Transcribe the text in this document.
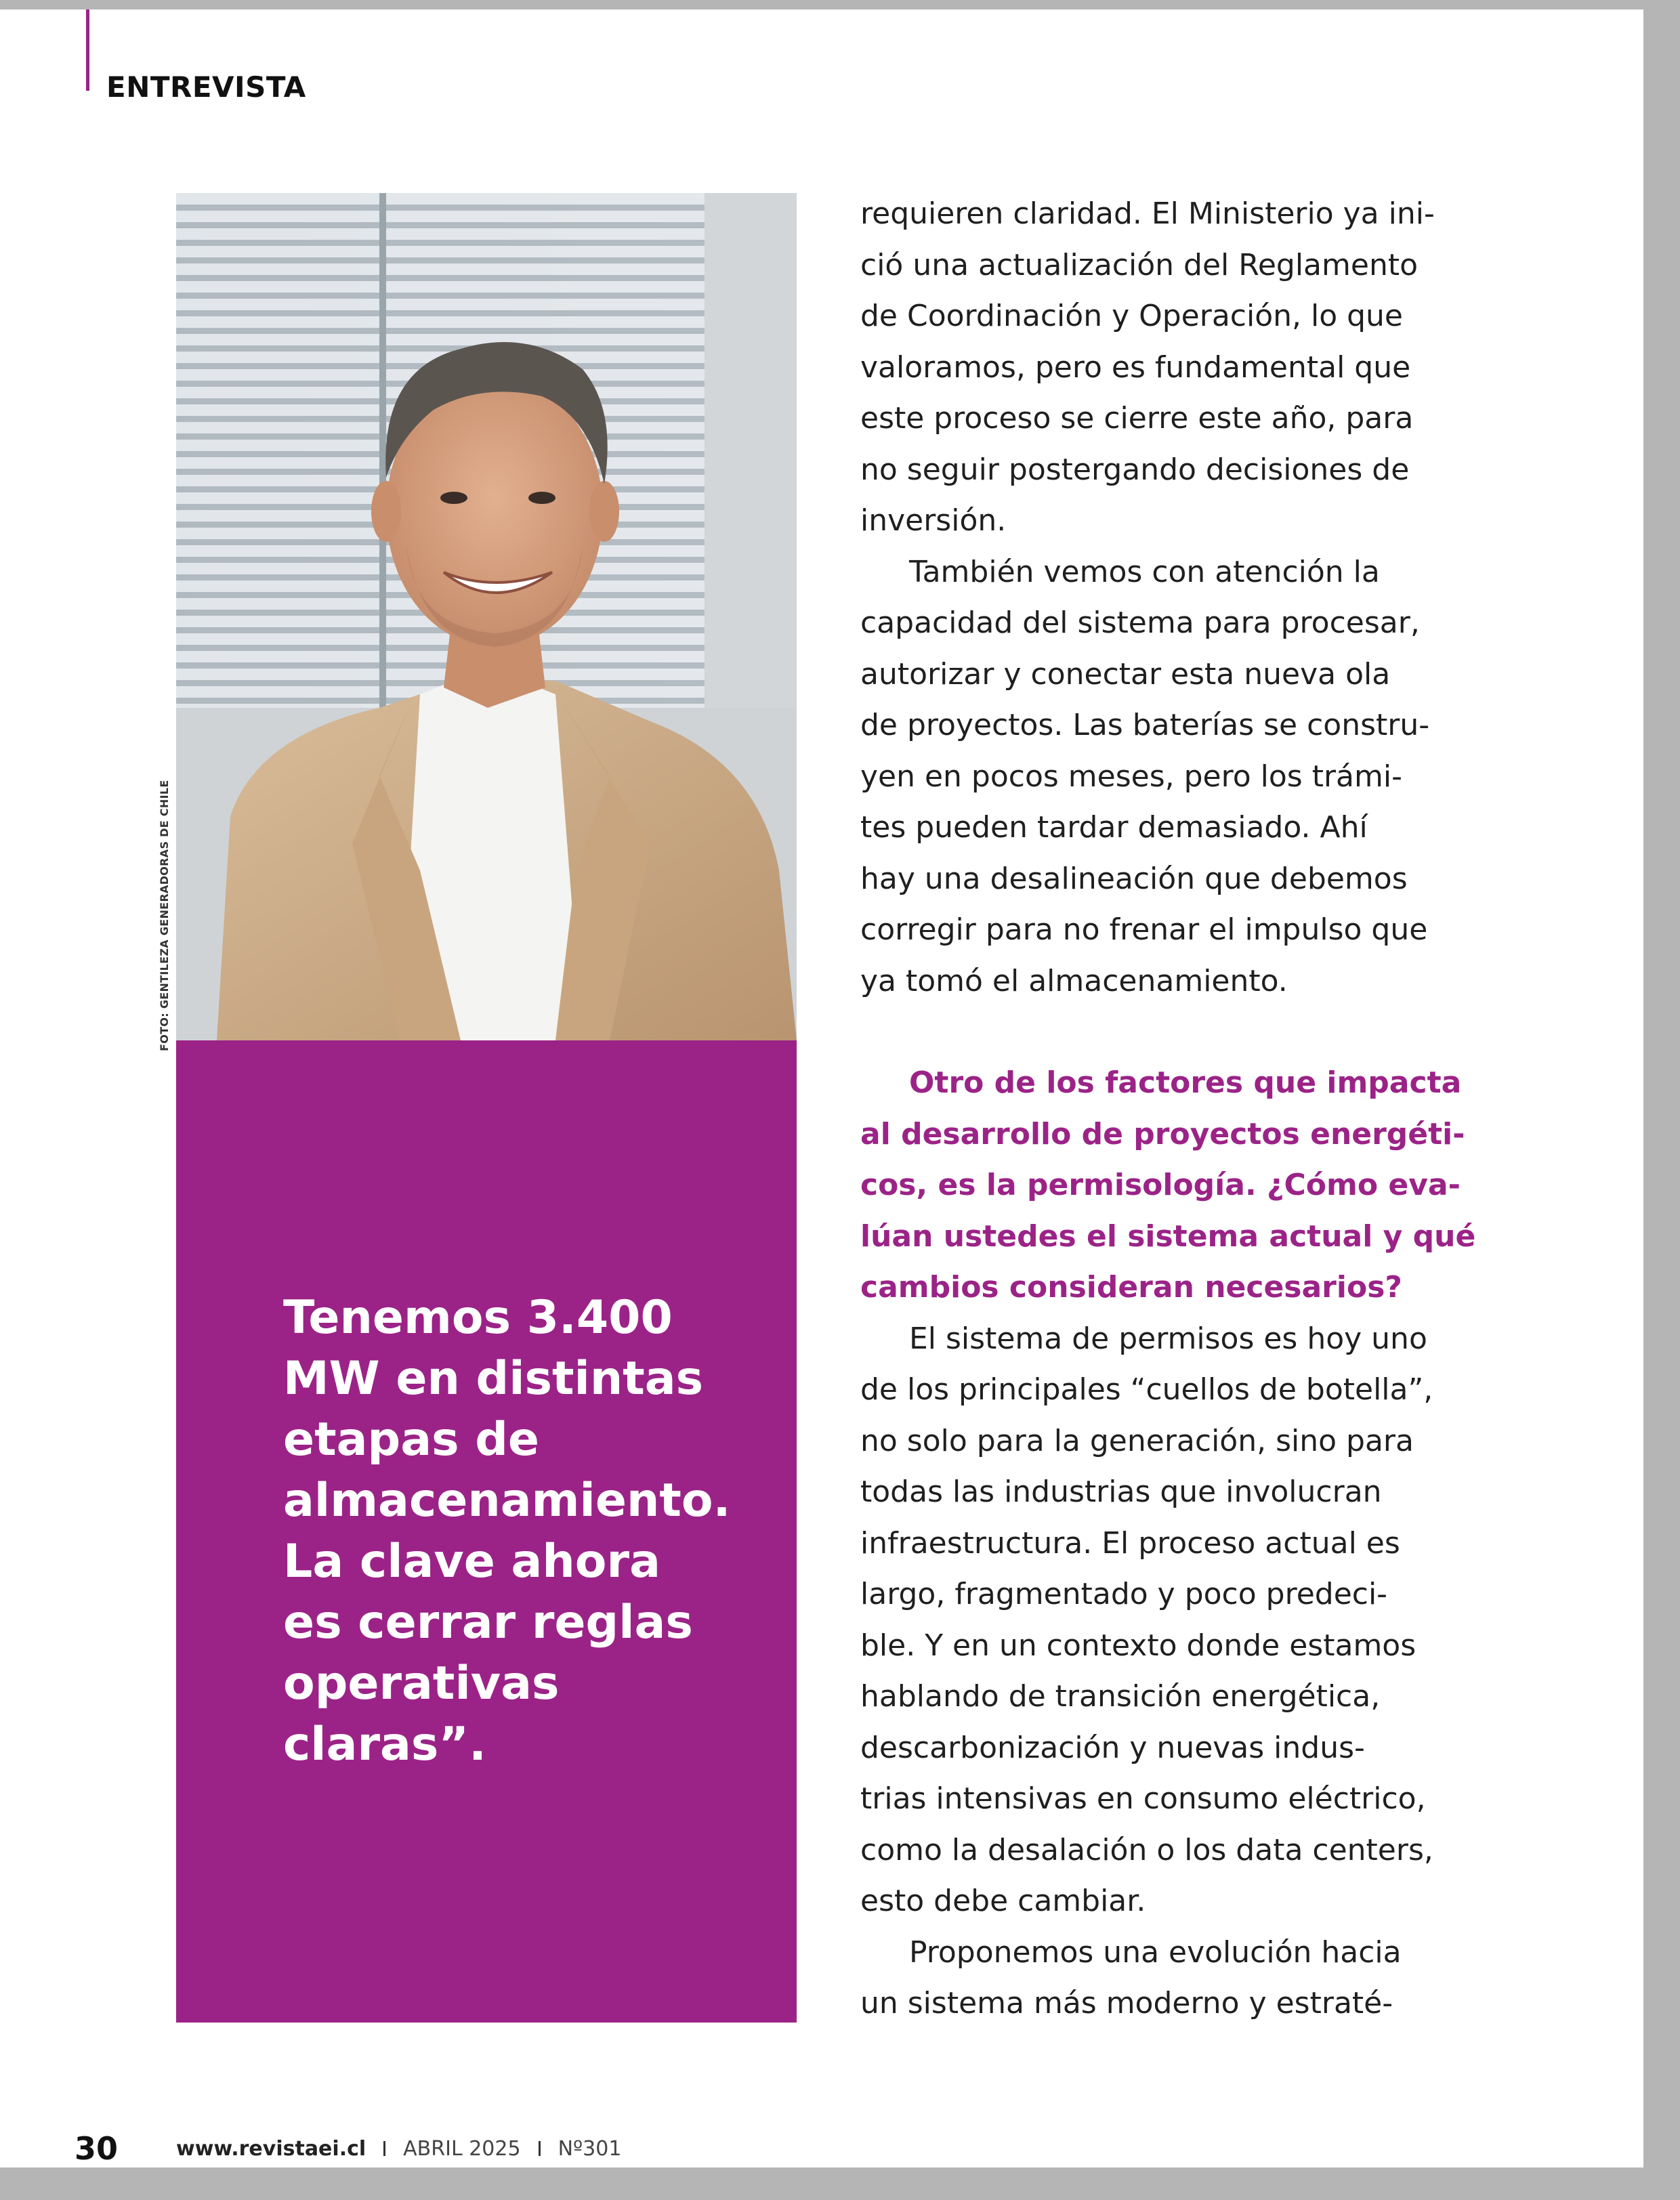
ENTREVISTA
FOTO: GENTILEZA GENERADORAS DE CHILE

Tenemos 3.400
MW en distintas
etapas de
almacenamiento.
La clave ahora
es cerrar reglas
operativas claras”.

requieren claridad. El Ministerio ya ini-
ció una actualización del Reglamento
de Coordinación y Operación, lo que
valoramos, pero es fundamental que
este proceso se cierre este año, para
no seguir postergando decisiones de
inversión.

También vemos con atención la
capacidad del sistema para procesar,
autorizar y conectar esta nueva ola
de proyectos. Las baterías se constru-
yen en pocos meses, pero los trámi-
tes pueden tardar demasiado. Ahí
hay una desalineación que debemos
corregir para no frenar el impulso que
ya tomó el almacenamiento.

Otro de los factores que impacta
al desarrollo de proyectos energéti-
cos, es la permisología. ¿Cómo eva-
lúan ustedes el sistema actual y qué
cambios consideran necesarios?

El sistema de permisos es hoy uno
de los principales “cuellos de botella”,
no solo para la generación, sino para
todas las industrias que involucran
infraestructura. El proceso actual es
largo, fragmentado y poco predeci-
ble. Y en un contexto donde estamos
hablando de transición energética,
descarbonización y nuevas indus-
trias intensivas en consumo eléctrico,
como la desalación o los data centers,
esto debe cambiar.

Proponemos una evolución hacia
un sistema más moderno y estraté-

30	www.revistaei.cl ABRIL 2025 Nº301
